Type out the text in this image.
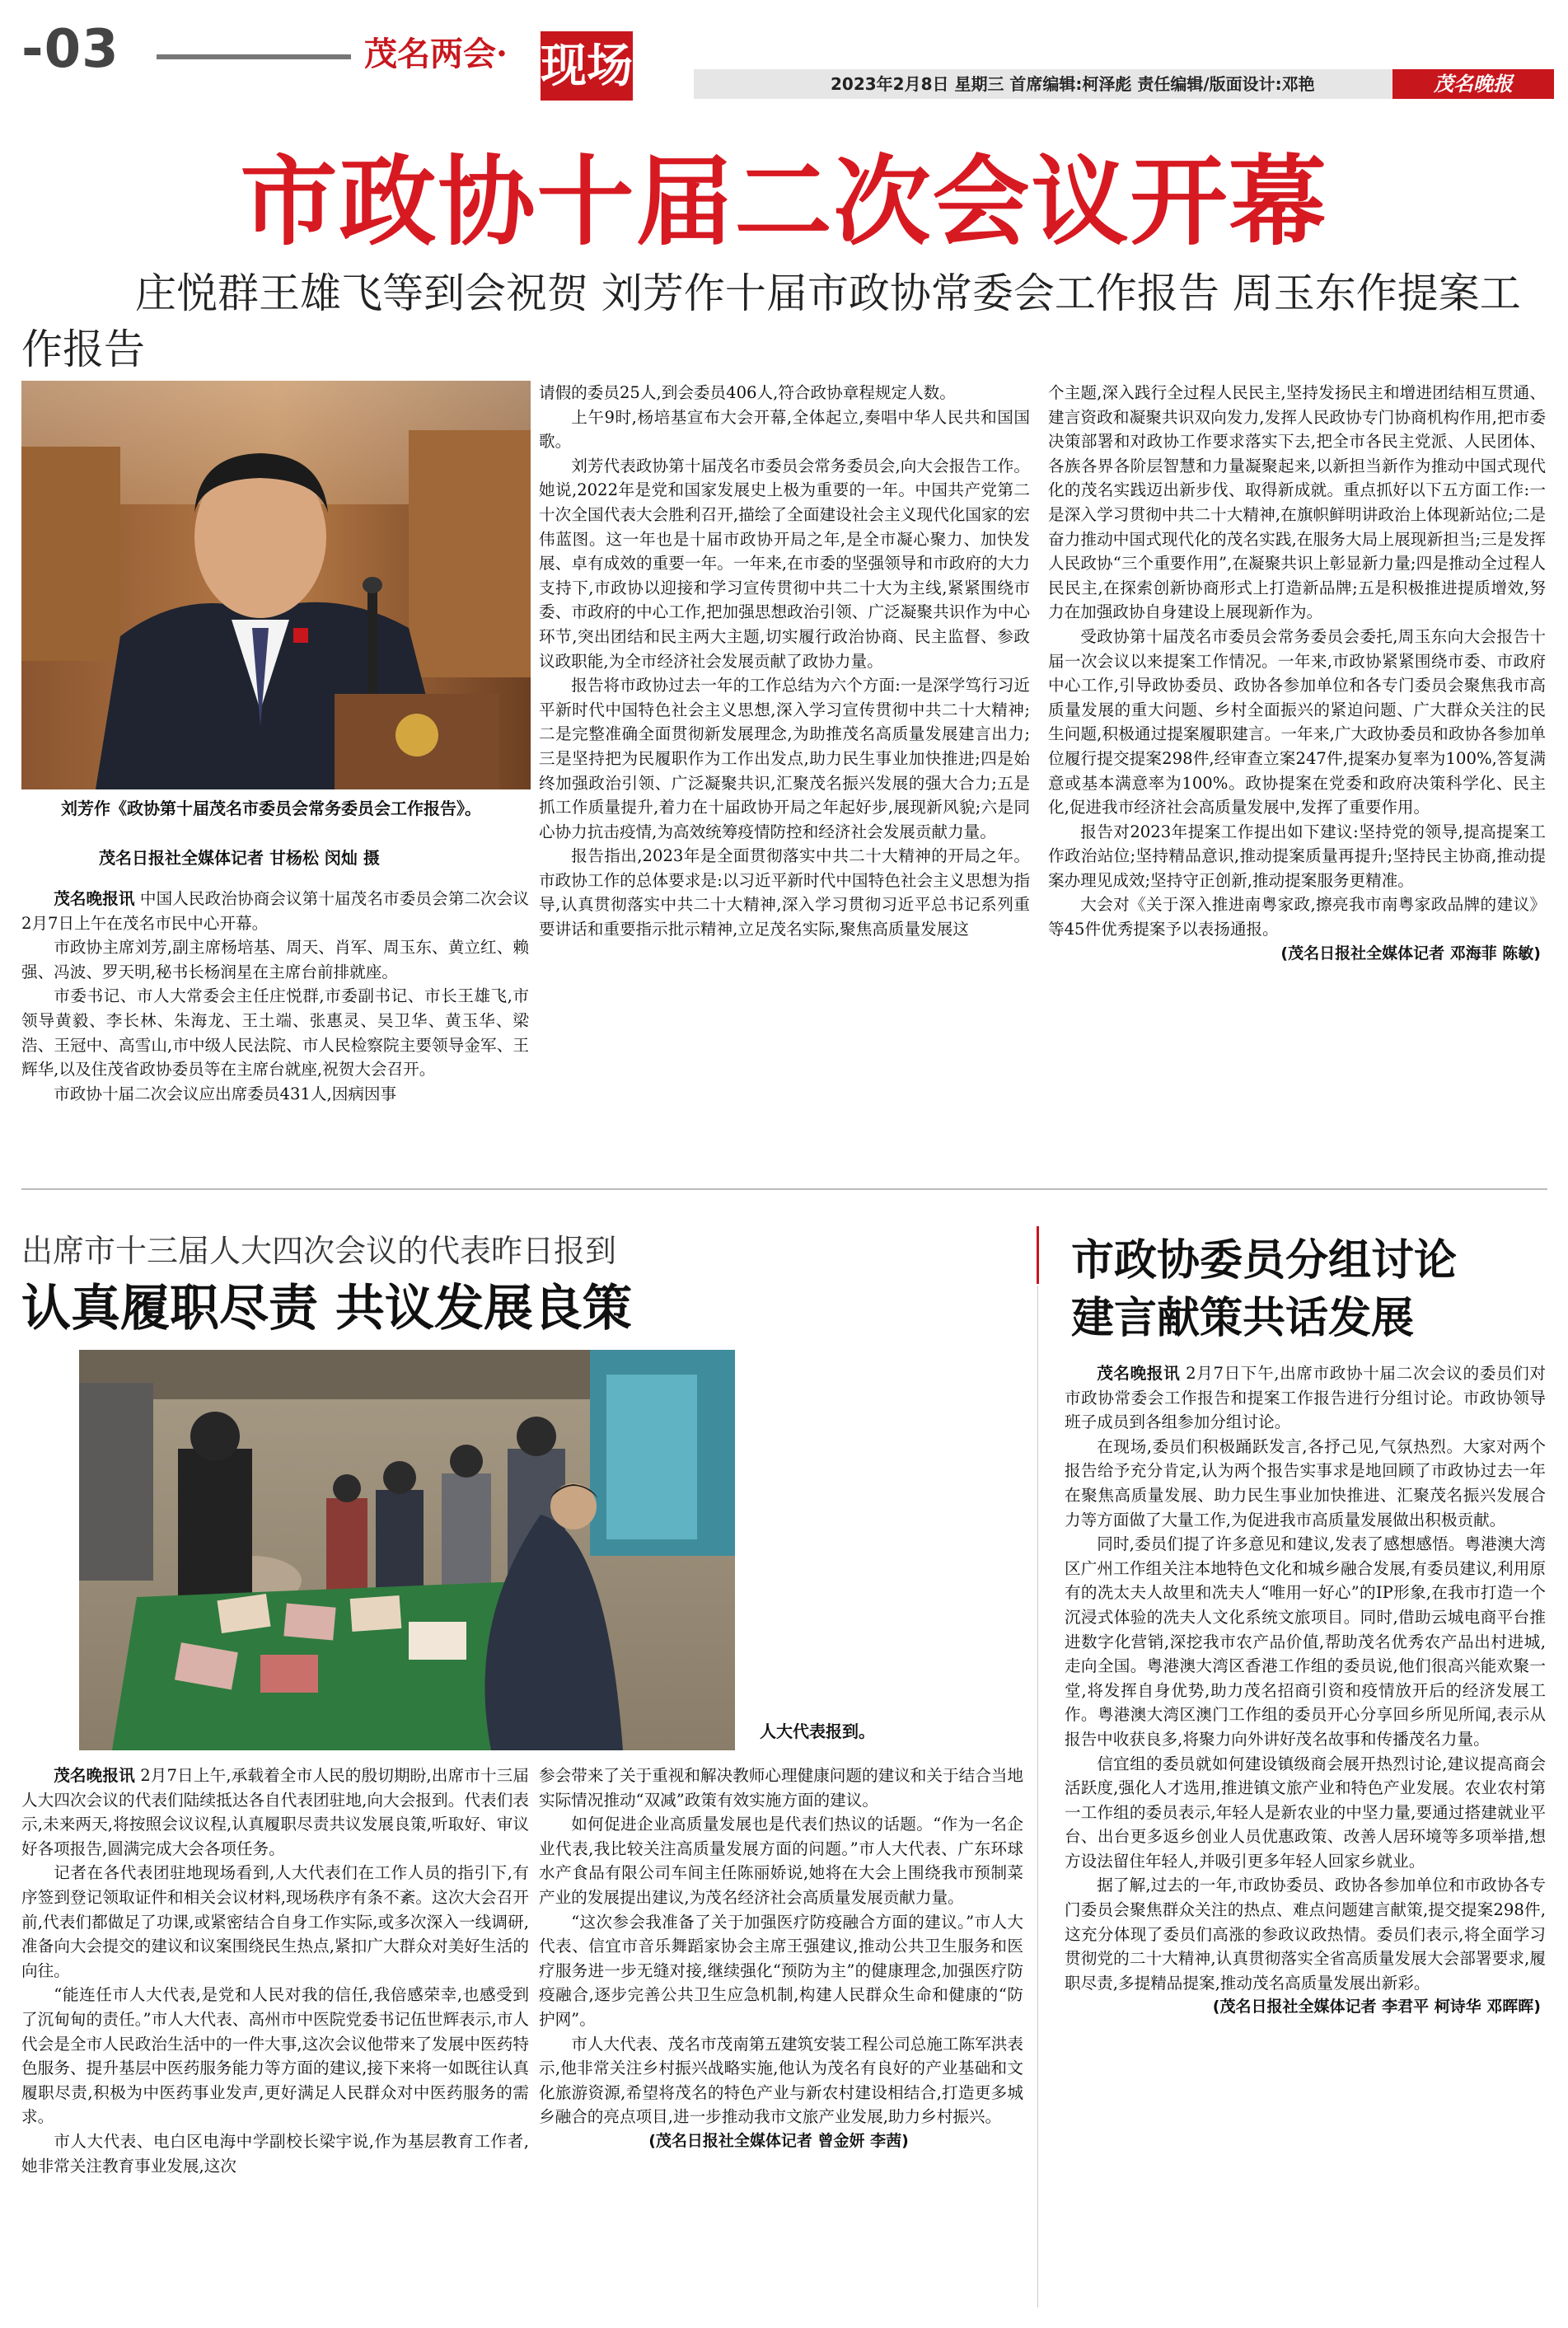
-03	茂名两会· 现场	2023年2月8日 星期三 首席编辑:柯泽彪 责任编辑/版面设计:邓艳	茂名晚报
市政协十届二次会议开幕
庄悦群王雄飞等到会祝贺 刘芳作十届市政协常委会工作报告 周玉东作提案工作报告
刘芳作《政协第十届茂名市委员会常务委员会工作报告》。
茂名日报社全媒体记者 甘杨松 闵灿 摄

茂名晚报讯 中国人民政治协商会议第十届茂名市委员会第二次会议2月7日上午在茂名市民中心开幕。

市政协主席刘芳,副主席杨培基、周天、肖军、周玉东、黄立红、赖强、冯波、罗天明,秘书长杨润星在主席台前排就座。

市委书记、市人大常委会主任庄悦群,市委副书记、市长王雄飞,市领导黄毅、李长林、朱海龙、王土端、张惠灵、吴卫华、黄玉华、梁浩、王冠中、高雪山,市中级人民法院、市人民检察院主要领导金军、王辉华,以及住茂省政协委员等在主席台就座,祝贺大会召开。

市政协十届二次会议应出席委员431人,因病因事

请假的委员25人,到会委员406人,符合政协章程规定人数。

上午9时,杨培基宣布大会开幕,全体起立,奏唱中华人民共和国国歌。

刘芳代表政协第十届茂名市委员会常务委员会,向大会报告工作。她说,2022年是党和国家发展史上极为重要的一年。中国共产党第二十次全国代表大会胜利召开,描绘了全面建设社会主义现代化国家的宏伟蓝图。这一年也是十届市政协开局之年,是全市凝心聚力、加快发展、卓有成效的重要一年。一年来,在市委的坚强领导和市政府的大力支持下,市政协以迎接和学习宣传贯彻中共二十大为主线,紧紧围绕市委、市政府的中心工作,把加强思想政治引领、广泛凝聚共识作为中心环节,突出团结和民主两大主题,切实履行政治协商、民主监督、参政议政职能,为全市经济社会发展贡献了政协力量。

报告将市政协过去一年的工作总结为六个方面:一是深学笃行习近平新时代中国特色社会主义思想,深入学习宣传贯彻中共二十大精神;二是完整准确全面贯彻新发展理念,为助推茂名高质量发展建言出力;三是坚持把为民履职作为工作出发点,助力民生事业加快推进;四是始终加强政治引领、广泛凝聚共识,汇聚茂名振兴发展的强大合力;五是抓工作质量提升,着力在十届政协开局之年起好步,展现新风貌;六是同心协力抗击疫情,为高效统筹疫情防控和经济社会发展贡献力量。

报告指出,2023年是全面贯彻落实中共二十大精神的开局之年。市政协工作的总体要求是:以习近平新时代中国特色社会主义思想为指导,认真贯彻落实中共二十大精神,深入学习贯彻习近平总书记系列重要讲话和重要指示批示精神,立足茂名实际,聚焦高质量发展这

个主题,深入践行全过程人民民主,坚持发扬民主和增进团结相互贯通、建言资政和凝聚共识双向发力,发挥人民政协专门协商机构作用,把市委决策部署和对政协工作要求落实下去,把全市各民主党派、人民团体、各族各界各阶层智慧和力量凝聚起来,以新担当新作为推动中国式现代化的茂名实践迈出新步伐、取得新成就。重点抓好以下五方面工作:一是深入学习贯彻中共二十大精神,在旗帜鲜明讲政治上体现新站位;二是奋力推动中国式现代化的茂名实践,在服务大局上展现新担当;三是发挥人民政协“三个重要作用”,在凝聚共识上彰显新力量;四是推动全过程人民民主,在探索创新协商形式上打造新品牌;五是积极推进提质增效,努力在加强政协自身建设上展现新作为。

受政协第十届茂名市委员会常务委员会委托,周玉东向大会报告十届一次会议以来提案工作情况。一年来,市政协紧紧围绕市委、市政府中心工作,引导政协委员、政协各参加单位和各专门委员会聚焦我市高质量发展的重大问题、乡村全面振兴的紧迫问题、广大群众关注的民生问题,积极通过提案履职建言。一年来,广大政协委员和政协各参加单位履行提交提案298件,经审查立案247件,提案办复率为100%,答复满意或基本满意率为100%。政协提案在党委和政府决策科学化、民主化,促进我市经济社会高质量发展中,发挥了重要作用。

报告对2023年提案工作提出如下建议:坚持党的领导,提高提案工作政治站位;坚持精品意识,推动提案质量再提升;坚持民主协商,推动提案办理见成效;坚持守正创新,推动提案服务更精准。

大会对《关于深入推进南粤家政,擦亮我市南粤家政品牌的建议》等45件优秀提案予以表扬通报。

(茂名日报社全媒体记者 邓海菲 陈敏)

出席市十三届人大四次会议的代表昨日报到
认真履职尽责 共议发展良策
人大代表报到。

茂名晚报讯 2月7日上午,承载着全市人民的殷切期盼,出席市十三届人大四次会议的代表们陆续抵达各自代表团驻地,向大会报到。代表们表示,未来两天,将按照会议议程,认真履职尽责共议发展良策,听取好、审议好各项报告,圆满完成大会各项任务。

记者在各代表团驻地现场看到,人大代表们在工作人员的指引下,有序签到登记领取证件和相关会议材料,现场秩序有条不紊。这次大会召开前,代表们都做足了功课,或紧密结合自身工作实际,或多次深入一线调研,准备向大会提交的建议和议案围绕民生热点,紧扣广大群众对美好生活的向往。

“能连任市人大代表,是党和人民对我的信任,我倍感荣幸,也感受到了沉甸甸的责任。”市人大代表、高州市中医院党委书记伍世辉表示,市人代会是全市人民政治生活中的一件大事,这次会议他带来了发展中医药特色服务、提升基层中医药服务能力等方面的建议,接下来将一如既往认真履职尽责,积极为中医药事业发声,更好满足人民群众对中医药服务的需求。

市人大代表、电白区电海中学副校长梁宇说,作为基层教育工作者,她非常关注教育事业发展,这次

参会带来了关于重视和解决教师心理健康问题的建议和关于结合当地实际情况推动“双减”政策有效实施方面的建议。

如何促进企业高质量发展也是代表们热议的话题。“作为一名企业代表,我比较关注高质量发展方面的问题。”市人大代表、广东环球水产食品有限公司车间主任陈丽娇说,她将在大会上围绕我市预制菜产业的发展提出建议,为茂名经济社会高质量发展贡献力量。

“这次参会我准备了关于加强医疗防疫融合方面的建议。”市人大代表、信宜市音乐舞蹈家协会主席王强建议,推动公共卫生服务和医疗服务进一步无缝对接,继续强化“预防为主”的健康理念,加强医疗防疫融合,逐步完善公共卫生应急机制,构建人民群众生命和健康的“防护网”。

市人大代表、茂名市茂南第五建筑安装工程公司总施工陈军洪表示,他非常关注乡村振兴战略实施,他认为茂名有良好的产业基础和文化旅游资源,希望将茂名的特色产业与新农村建设相结合,打造更多城乡融合的亮点项目,进一步推动我市文旅产业发展,助力乡村振兴。

(茂名日报社全媒体记者 曾金妍 李茜)

市政协委员分组讨论
建言献策共话发展

茂名晚报讯 2月7日下午,出席市政协十届二次会议的委员们对市政协常委会工作报告和提案工作报告进行分组讨论。市政协领导班子成员到各组参加分组讨论。

在现场,委员们积极踊跃发言,各抒己见,气氛热烈。大家对两个报告给予充分肯定,认为两个报告实事求是地回顾了市政协过去一年在聚焦高质量发展、助力民生事业加快推进、汇聚茂名振兴发展合力等方面做了大量工作,为促进我市高质量发展做出积极贡献。

同时,委员们提了许多意见和建议,发表了感想感悟。粤港澳大湾区广州工作组关注本地特色文化和城乡融合发展,有委员建议,利用原有的冼太夫人故里和冼夫人“唯用一好心”的IP形象,在我市打造一个沉浸式体验的冼夫人文化系统文旅项目。同时,借助云城电商平台推进数字化营销,深挖我市农产品价值,帮助茂名优秀农产品出村进城,走向全国。粤港澳大湾区香港工作组的委员说,他们很高兴能欢聚一堂,将发挥自身优势,助力茂名招商引资和疫情放开后的经济发展工作。粤港澳大湾区澳门工作组的委员开心分享回乡所见所闻,表示从报告中收获良多,将聚力向外讲好茂名故事和传播茂名力量。

信宜组的委员就如何建设镇级商会展开热烈讨论,建议提高商会活跃度,强化人才选用,推进镇文旅产业和特色产业发展。农业农村第一工作组的委员表示,年轻人是新农业的中坚力量,要通过搭建就业平台、出台更多返乡创业人员优惠政策、改善人居环境等多项举措,想方设法留住年轻人,并吸引更多年轻人回家乡就业。

据了解,过去的一年,市政协委员、政协各参加单位和市政协各专门委员会聚焦群众关注的热点、难点问题建言献策,提交提案298件,这充分体现了委员们高涨的参政议政热情。委员们表示,将全面学习贯彻党的二十大精神,认真贯彻落实全省高质量发展大会部署要求,履职尽责,多提精品提案,推动茂名高质量发展出新彩。

(茂名日报社全媒体记者 李君平 柯诗华 邓晖晖)
